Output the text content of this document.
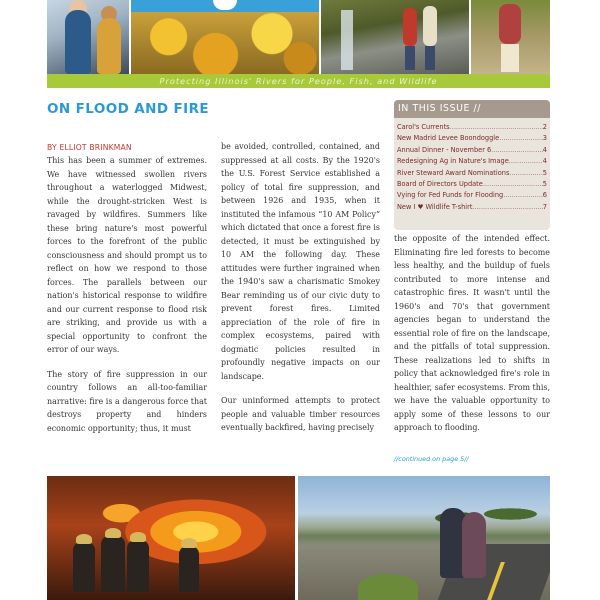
Protecting Illinois' Rivers for People, Fish, and Wildlife
ON FLOOD AND FIRE
BY ELLIOT BRINKMAN

This has been a summer of extremes. We have witnessed swollen rivers throughout a waterlogged Midwest, while the drought-stricken West is ravaged by wildfires. Summers like these bring nature's most powerful forces to the forefront of the public consciousness and should prompt us to reflect on how we respond to those forces. The parallels between our nation's historical response to wildfire and our current response to flood risk are striking, and provide us with a special opportunity to confront the error of our ways.

The story of fire suppression in our country follows an all-too-familiar narrative: fire is a dangerous force that destroys property and hinders economic opportunity; thus, it must

be avoided, controlled, contained, and suppressed at all costs. By the 1920's the U.S. Forest Service established a policy of total fire suppression, and between 1926 and 1935, when it instituted the infamous “10 AM Policy” which dictated that once a forest fire is detected, it must be extinguished by 10 AM the following day. These attitudes were further ingrained when the 1940's saw a charismatic Smokey Bear reminding us of our civic duty to prevent forest fires. Limited appreciation of the role of fire in complex ecosystems, paired with dogmatic policies resulted in profoundly negative impacts on our landscape.

Our uninformed attempts to protect people and valuable timber resources eventually backfired, having precisely

the opposite of the intended effect. Eliminating fire led forests to become less healthy, and the buildup of fuels contributed to more intense and catastrophic fires. It wasn't until the 1960's and 70's that government agencies began to understand the essential role of fire on the landscape, and the pitfalls of total suppression. These realizations led to shifts in policy that acknowledged fire's role in healthier, safer ecosystems. From this, we have the valuable opportunity to apply some of these lessons to our approach to flooding.

//continued on page 5//
IN THIS ISSUE //
Carol's Currents .....	2
New Madrid Levee Boondoggle .....	3
Annual Dinner - November 6 .....	4
Redesigning Ag in Nature's Image .....	4
River Steward Award Nominations .....	5
Board of Directors Update .....	5
Vying for Fed Funds for Flooding .....	6
New I ♥ Wildlife T-shirt .....	7
